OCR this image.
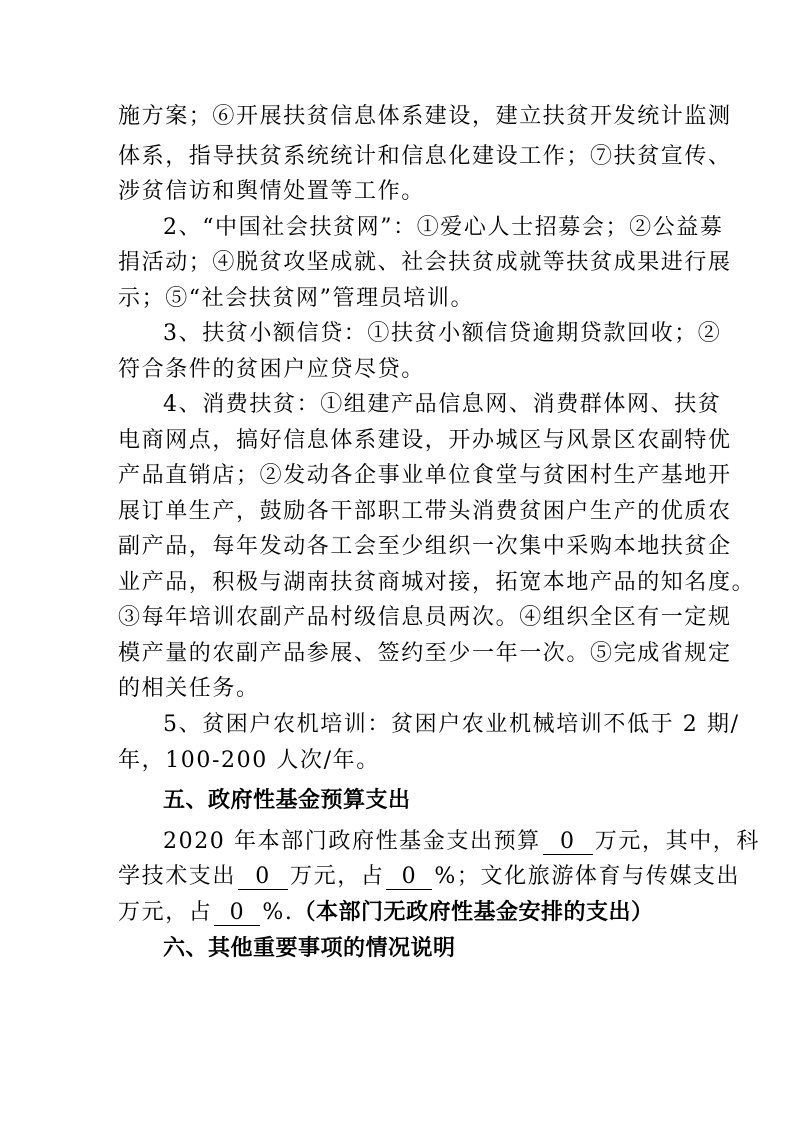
施方案；⑥开展扶贫信息体系建设，建立扶贫开发统计监测
体系，指导扶贫系统统计和信息化建设工作；⑦扶贫宣传、
涉贫信访和舆情处置等工作。
2、“中国社会扶贫网”：①爱心人士招募会；②公益募
捐活动；④脱贫攻坚成就、社会扶贫成就等扶贫成果进行展
示；⑤“社会扶贫网”管理员培训。
3、扶贫小额信贷：①扶贫小额信贷逾期贷款回收；②
符合条件的贫困户应贷尽贷。
4、消费扶贫：①组建产品信息网、消费群体网、扶贫
电商网点，搞好信息体系建设，开办城区与风景区农副特优
产品直销店；②发动各企事业单位食堂与贫困村生产基地开
展订单生产，鼓励各干部职工带头消费贫困户生产的优质农
副产品，每年发动各工会至少组织一次集中采购本地扶贫企
业产品，积极与湖南扶贫商城对接，拓宽本地产品的知名度。
③每年培训农副产品村级信息员两次。④组织全区有一定规
模产量的农副产品参展、签约至少一年一次。⑤完成省规定
的相关任务。
5、贫困户农机培训：贫困户农业机械培训不低于 2 期/
年，100-200 人次/年。
五、政府性基金预算支出
2020 年本部门政府性基金支出预算 0 万元，其中，科
学技术支出 0 万元，占 0 %；文化旅游体育与传媒支出
万元，占 0 %.（本部门无政府性基金安排的支出）
六、其他重要事项的情况说明
